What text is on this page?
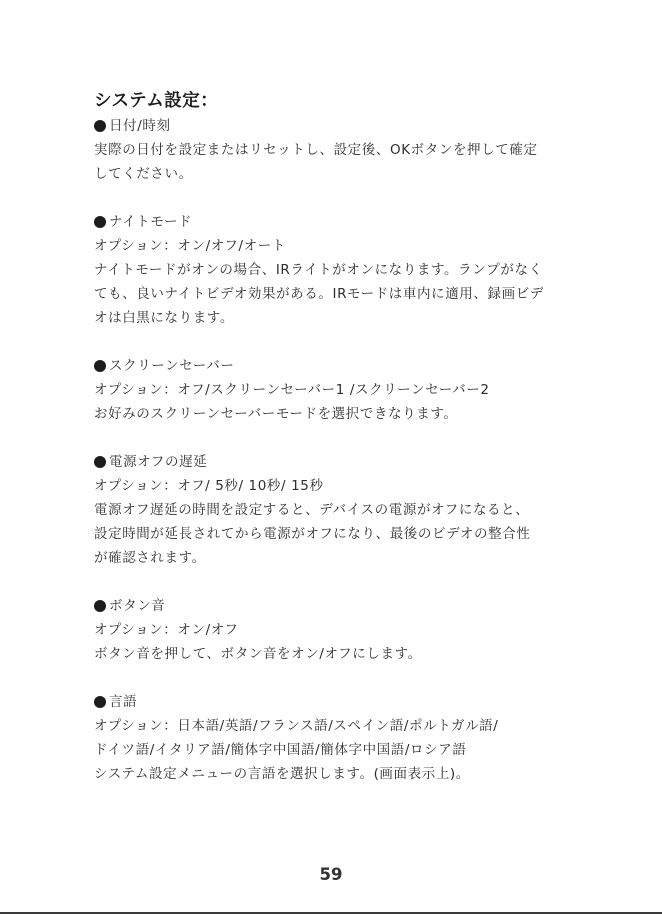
システム設定：
日付/時刻
実際の日付を設定またはリセットし、設定後、OKボタンを押して確定
してください。
ナイトモード
オプション：オン/オフ/オート
ナイトモードがオンの場合、IRライトがオンになります。ランプがなく
ても、良いナイトビデオ効果がある。IRモードは車内に適用、録画ビデ
オは白黒になります。
スクリーンセーバー
オプション：オフ/スクリーンセーバー1 /スクリーンセーバー2
お好みのスクリーンセーバーモードを選択できなります。
電源オフの遅延
オプション：オフ/ 5秒/ 10秒/ 15秒
電源オフ遅延の時間を設定すると、デバイスの電源がオフになると、
設定時間が延長されてから電源がオフになり、最後のビデオの整合性
が確認されます。
ボタン音
オプション：オン/オフ
ボタン音を押して、ボタン音をオン/オフにします。
言語
オプション：日本語/英語/フランス語/スペイン語/ポルトガル語/
ドイツ語/イタリア語/簡体字中国語/簡体字中国語/ロシア語
システム設定メニューの言語を選択します。(画面表示上)。
59
